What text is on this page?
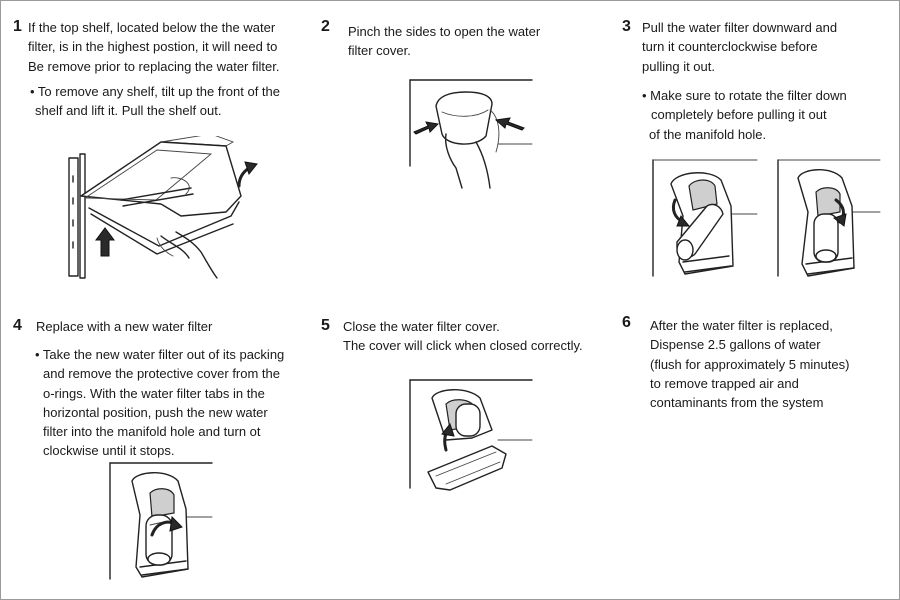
1 If the top shelf, located below the the water
filter, is in the highest postion, it will need to
Be remove prior to replacing the water filter.
• To remove any shelf, tilt up the front of the
shelf and lift it. Pull the shelf out.
2 Pinch the sides to open the water
filter cover.
3 Pull the water filter downward and
turn it counterclockwise before
pulling it out.
• Make sure to rotate the filter down
completely before pulling it out
of the manifold hole.
4 Replace with a new water filter
• Take the new water filter out of its packing
and remove the protective cover from the
o-rings. With the water filter tabs in the
horizontal position, push the new water
filter into the manifold hole and turn ot
clockwise until it stops.
5 Close the water filter cover.
The cover will click when closed correctly.
6 After the water filter is replaced,
Dispense 2.5 gallons of water
(flush for approximately 5 minutes)
to remove trapped air and
contaminants from the system
